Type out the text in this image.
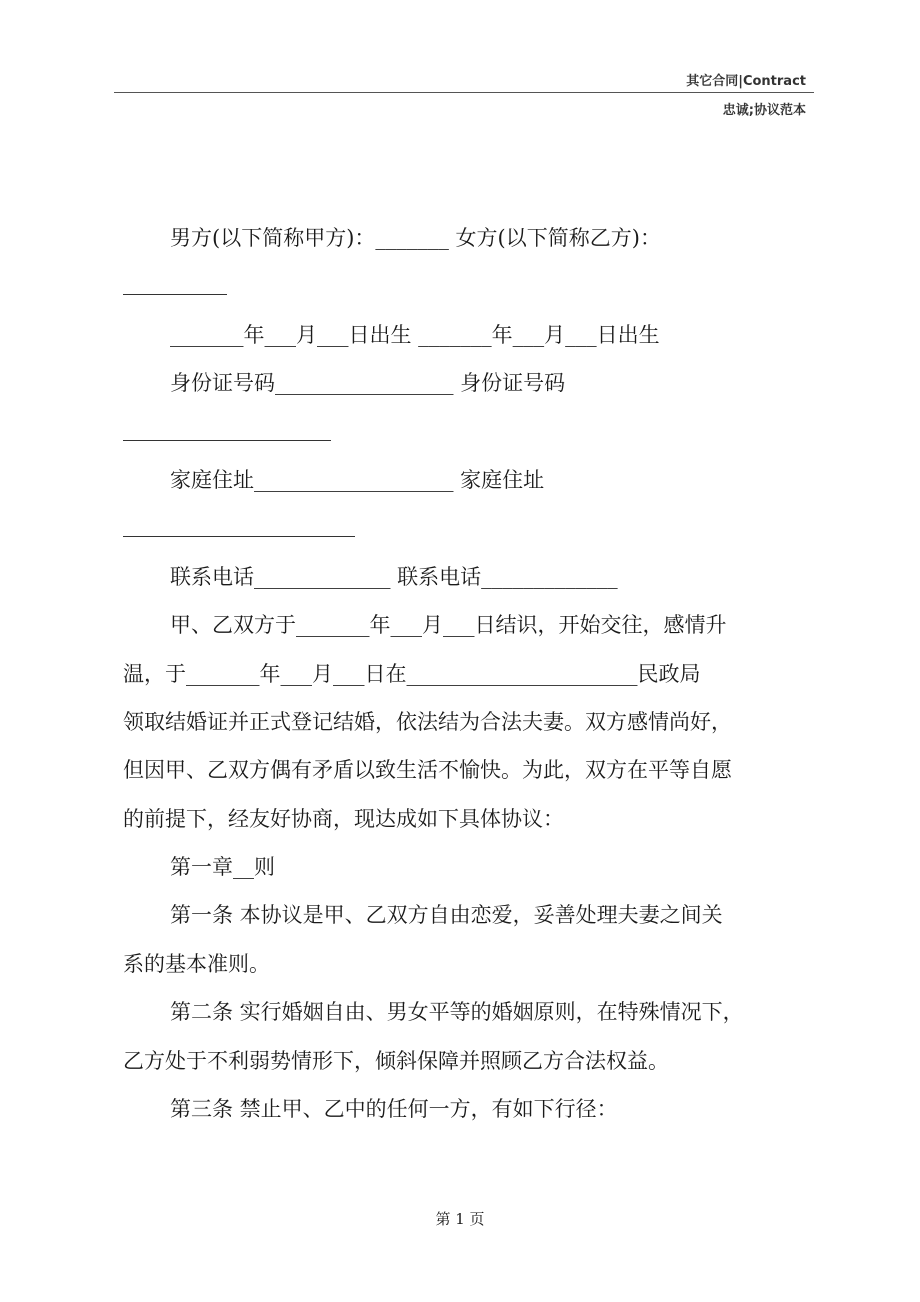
其它合同|Contract
忠诚;协议范本
男方(以下简称甲方)：_______ 女方(以下简称乙方)：
_______年___月___日出生 _______年___月___日出生
身份证号码_________________ 身份证号码
家庭住址___________________ 家庭住址
联系电话_____________ 联系电话_____________
甲、乙双方于_______年___月___日结识，开始交往，感情升
温，于_______年___月___日在______________________民政局
领取结婚证并正式登记结婚，依法结为合法夫妻。双方感情尚好，
但因甲、乙双方偶有矛盾以致生活不愉快。为此，双方在平等自愿
的前提下，经友好协商，现达成如下具体协议：
第一章__则
第一条 本协议是甲、乙双方自由恋爱，妥善处理夫妻之间关
系的基本准则。
第二条 实行婚姻自由、男女平等的婚姻原则，在特殊情况下，
乙方处于不利弱势情形下，倾斜保障并照顾乙方合法权益。
第三条 禁止甲、乙中的任何一方，有如下行径：
第 1 页
